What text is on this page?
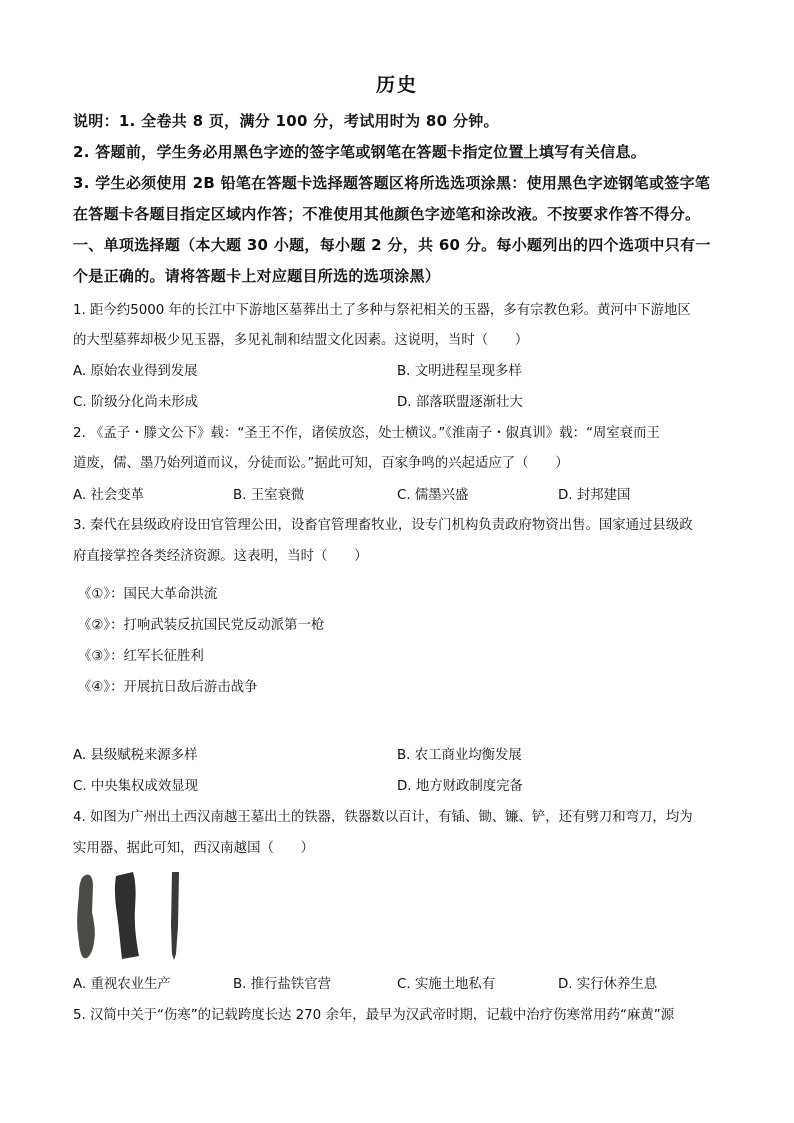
历史
说明：1. 全卷共 8 页，满分 100 分，考试用时为 80 分钟。
2. 答题前，学生务必用黑色字迹的签字笔或钢笔在答题卡指定位置上填写有关信息。
3. 学生必须使用 2B 铅笔在答题卡选择题答题区将所选选项涂黑：使用黑色字迹钢笔或签字笔
在答题卡各题目指定区域内作答；不准使用其他颜色字迹笔和涂改液。不按要求作答不得分。
一、单项选择题（本大题 30 小题，每小题 2 分，共 60 分。每小题列出的四个选项中只有一
个是正确的。请将答题卡上对应题目所选的选项涂黑）
1. 距今约5000 年的长江中下游地区墓葬出土了多种与祭祀相关的玉器，多有宗教色彩。黄河中下游地区
的大型墓葬却极少见玉器，多见礼制和结盟文化因素。这说明，当时（　　）
A. 原始农业得到发展	B. 文明进程呈现多样
C. 阶级分化尚未形成	D. 部落联盟逐渐壮大
2. 《孟子・滕文公下》载：“圣王不作，诸侯放恣，处士横议。”《淮南子・俶真训》载：“周室衰而王
道废，儒、墨乃始列道而议，分徒而讼。”据此可知，百家争鸣的兴起适应了（　　）
A. 社会变革	B. 王室衰微	C. 儒墨兴盛	D. 封邦建国
3. 秦代在县级政府设田官管理公田，设畜官管理畜牧业，设专门机构负责政府物资出售。国家通过县级政
府直接掌控各类经济资源。这表明，当时（　　）
《①》：国民大革命洪流
《②》：打响武装反抗国民党反动派第一枪
《③》：红军长征胜利
《④》：开展抗日敌后游击战争
A. 县级赋税来源多样	B. 农工商业均衡发展
C. 中央集权成效显现	D. 地方财政制度完备
4. 如图为广州出土西汉南越王墓出土的铁器，铁器数以百计，有锸、锄、镰、铲，还有劈刀和弯刀，均为
实用器、据此可知，西汉南越国（　　）
A. 重视农业生产	B. 推行盐铁官营	C. 实施土地私有	D. 实行休养生息
5. 汉简中关于“伤寒”的记载跨度长达 270 余年，最早为汉武帝时期，记载中治疗伤寒常用药“麻黄”源
